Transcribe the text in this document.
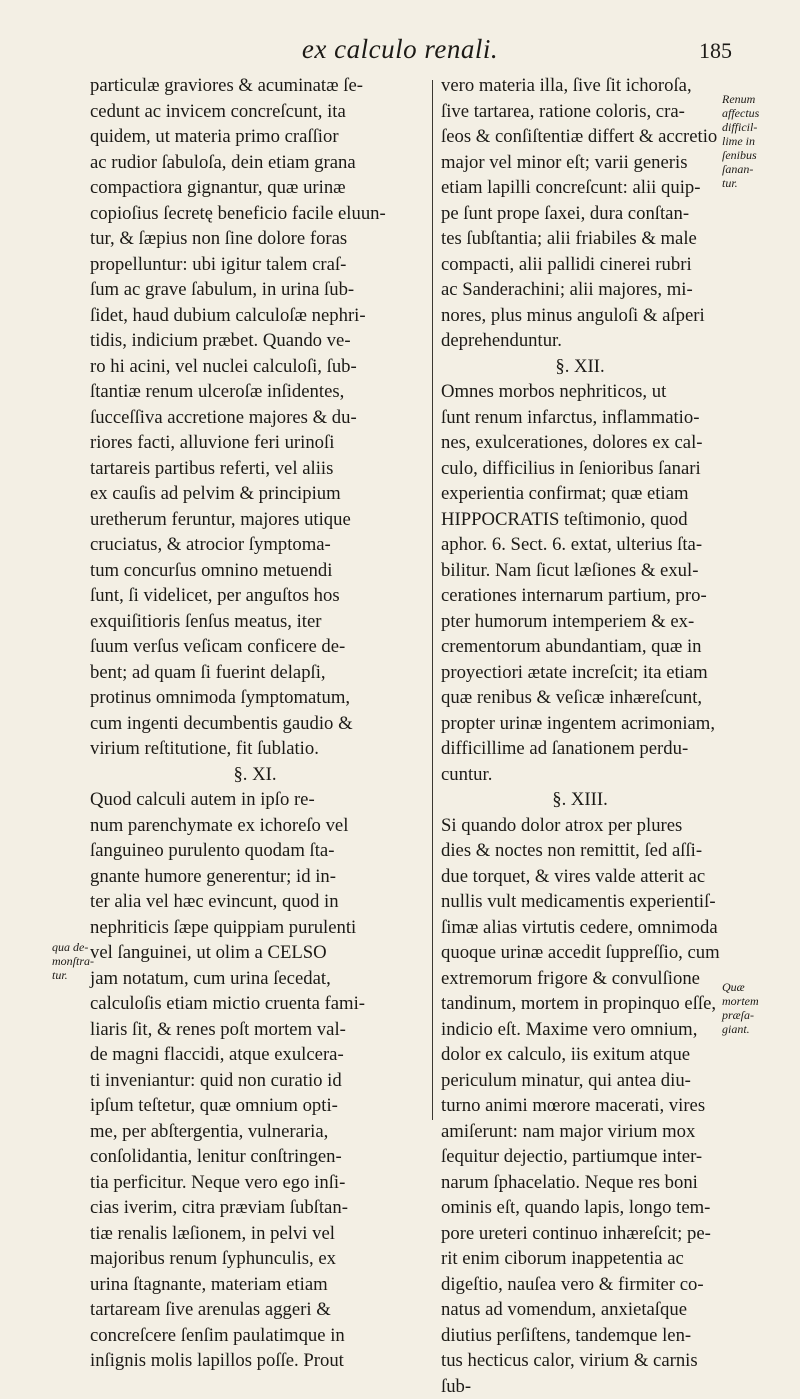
ex calculo renali.	185
particulæ graviores & acuminatæ ſe-
cedunt ac invicem concreſcunt, ita
quidem, ut materia primo craſſior
ac rudior ſabuloſa, dein etiam grana
compactiora gignantur, quæ urinæ
copioſius ſecretę beneficio facile eluun-
tur, & ſæpius non ſine dolore foras
propelluntur: ubi igitur talem craſ-
ſum ac grave ſabulum, in urina ſub-
ſidet, haud dubium calculoſæ nephri-
tidis, indicium præbet. Quando ve-
ro hi acini, vel nuclei calculoſi, ſub-
ſtantiæ renum ulceroſæ inſidentes,
ſucceſſiva accretione majores & du-
riores facti, alluvione feri urinoſi
tartareis partibus referti, vel aliis
ex cauſis ad pelvim & principium
uretherum feruntur, majores utique
cruciatus, & atrocior ſymptoma-
tum concurſus omnino metuendi
ſunt, ſi videlicet, per anguſtos hos
exquiſitioris ſenſus meatus, iter
ſuum verſus veſicam conficere de-
bent; ad quam ſi fuerint delapſi,
protinus omnimoda ſymptomatum,
cum ingenti decumbentis gaudio &
virium reſtitutione, fit ſublatio.
§. XI.
Quod calculi autem in ipſo re-
num parenchymate ex ichoreſo vel
ſanguineo purulento quodam ſta-
gnante humore generentur; id in-
ter alia vel hæc evincunt, quod in
nephriticis ſæpe quippiam purulenti
vel ſanguinei, ut olim a CELSO
jam notatum, cum urina ſecedat,
calculoſis etiam mictio cruenta fami-
liaris ſit, & renes poſt mortem val-
de magni flaccidi, atque exulcera-
ti inveniantur: quid non curatio id
ipſum teſtetur, quæ omnium opti-
me, per abſtergentia, vulneraria,
conſolidantia, lenitur conſtringen-
tia perficitur. Neque vero ego inſi-
cias iverim, citra præviam ſubſtan-
tiæ renalis læſionem, in pelvi vel
majoribus renum ſyphunculis, ex
urina ſtagnante, materiam etiam
tartaream ſive arenulas aggeri &
concreſcere ſenſim paulatimque in
inſignis molis lapillos poſſe. Prout
vero materia illa, ſive ſit ichoroſa,
ſive tartarea, ratione coloris, cra-
ſeos & conſiſtentiæ differt & accretio
major vel minor eſt; varii generis
etiam lapilli concreſcunt: alii quip-
pe ſunt prope ſaxei, dura conſtan-
tes ſubſtantia; alii friabiles & male
compacti, alii pallidi cinerei rubri
ac Sanderachini; alii majores, mi-
nores, plus minus anguloſi & aſperi
deprehenduntur.
§. XII.
Omnes morbos nephriticos, ut
ſunt renum infarctus, inflammatio-
nes, exulcerationes, dolores ex cal-
culo, difficilius in ſenioribus ſanari
experientia confirmat; quæ etiam
HIPPOCRATIS teſtimonio, quod
aphor. 6. Sect. 6. extat, ulterius ſta-
bilitur. Nam ſicut læſiones & exul-
cerationes internarum partium, pro-
pter humorum intemperiem & ex-
crementorum abundantiam, quæ in
proyectiori ætate increſcit; ita etiam
quæ renibus & veſicæ inhæreſcunt,
propter urinæ ingentem acrimoniam,
difficillime ad ſanationem perdu-
cuntur.
§. XIII.
Si quando dolor atrox per plures
dies & noctes non remittit, ſed aſſi-
due torquet, & vires valde atterit ac
nullis vult medicamentis experientiſ-
ſimæ alias virtutis cedere, omnimoda
quoque urinæ accedit ſuppreſſio, cum
extremorum frigore & convulſione
tandinum, mortem in propinquo eſſe,
indicio eſt. Maxime vero omnium,
dolor ex calculo, iis exitum atque
periculum minatur, qui antea diu-
turno animi mœrore macerati, vires
amiſerunt: nam major virium mox
ſequitur dejectio, partiumque inter-
narum ſphacelatio. Neque res boni
ominis eſt, quando lapis, longo tem-
pore ureteri continuo inhæreſcit; pe-
rit enim ciborum inappetentia ac
digeſtio, nauſea vero & firmiter co-
natus ad vomendum, anxietaſque
diutius perſiſtens, tandemque len-
tus hecticus calor, virium & carnis
ſub-
qua de-
monſtra-
tur.
Renum
affectus
difficil-
lime in
ſenibus
ſanan-
tur.
Quæ
mortem
præſa-
giant.
